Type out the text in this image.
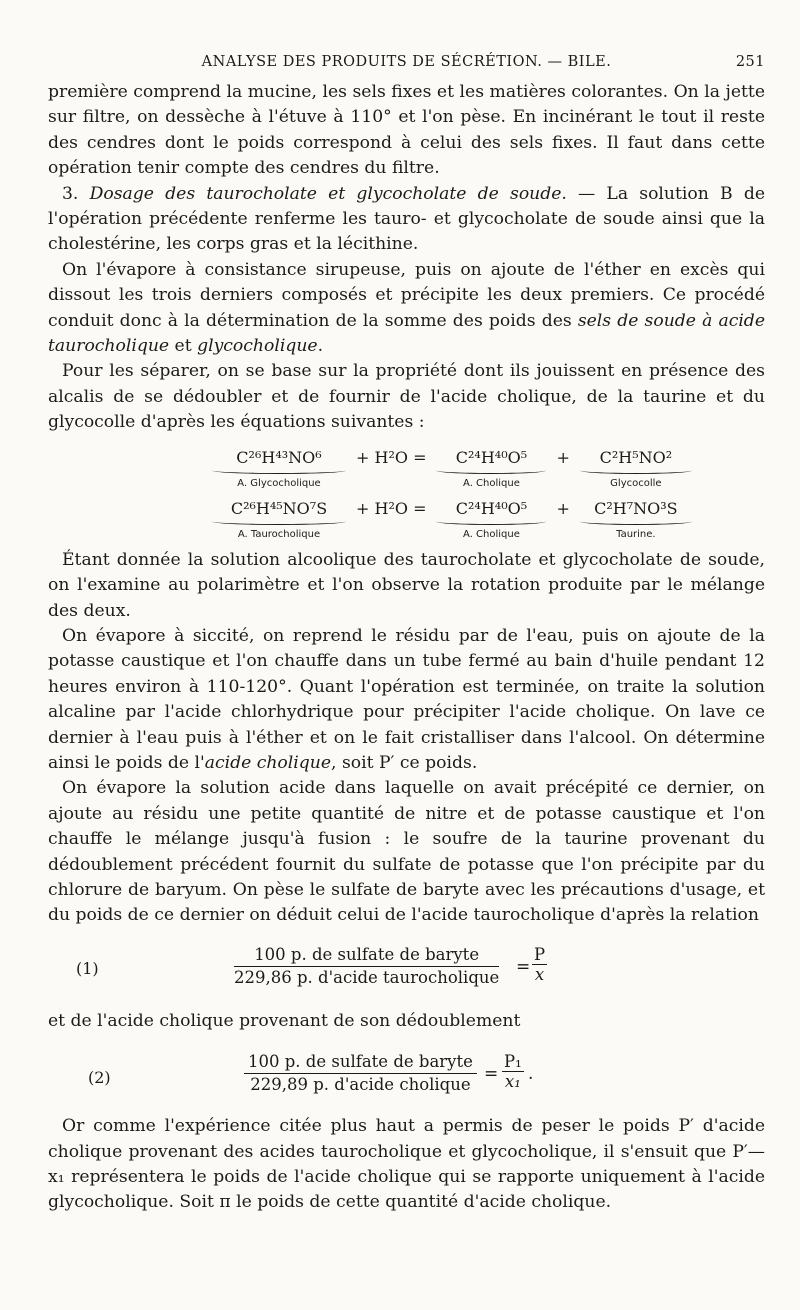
ANALYSE DES PRODUITS DE SÉCRÉTION. — BILE.	251

première comprend la mucine, les sels fixes et les matières colorantes. On la jette sur filtre, on dessèche à l'étuve à 110° et l'on pèse. En incinérant le tout il reste des cendres dont le poids correspond à celui des sels fixes. Il faut dans cette opération tenir compte des cendres du filtre.

3. Dosage des taurocholate et glycocholate de soude. — La solution B de l'opération précédente renferme les tauro- et glycocholate de soude ainsi que la cholestérine, les corps gras et la lécithine.

On l'évapore à consistance sirupeuse, puis on ajoute de l'éther en excès qui dissout les trois derniers composés et précipite les deux premiers. Ce procédé conduit donc à la détermination de la somme des poids des sels de soude à acide taurocholique et glycocholique.

Pour les séparer, on se base sur la propriété dont ils jouissent en présence des alcalis de se dédoubler et de fournir de l'acide cholique, de la taurine et du glycocolle d'après les équations suivantes :

C²⁶H⁴³NO⁶
A. Glycocholique
+ H²O =	C²⁴H⁴⁰O⁵
A. Cholique
+	C²H⁵NO²
Glycocolle
C²⁶H⁴⁵NO⁷S
A. Taurocholique
+ H²O =	C²⁴H⁴⁰O⁵
A. Cholique
+	C²H⁷NO³S
Taurine.

Étant donnée la solution alcoolique des taurocholate et glycocholate de soude, on l'examine au polarimètre et l'on observe la rotation produite par le mélange des deux.

On évapore à siccité, on reprend le résidu par de l'eau, puis on ajoute de la potasse caustique et l'on chauffe dans un tube fermé au bain d'huile pendant 12 heures environ à 110-120°. Quant l'opération est terminée, on traite la solution alcaline par l'acide chlorhydrique pour précipiter l'acide cholique. On lave ce dernier à l'eau puis à l'éther et on le fait cristalliser dans l'alcool. On détermine ainsi le poids de l'acide cholique, soit P′ ce poids.

On évapore la solution acide dans laquelle on avait précépité ce dernier, on ajoute au résidu une petite quantité de nitre et de potasse caustique et l'on chauffe le mélange jusqu'à fusion : le soufre de la taurine provenant du dédoublement précédent fournit du sulfate de potasse que l'on précipite par du chlorure de baryum. On pèse le sulfate de baryte avec les précautions d'usage, et du poids de ce dernier on déduit celui de l'acide taurocholique d'après la relation

(1)
100 p. de sulfate de baryte
229,86 p. d'acide taurocholique
= $\frac{P}{x}$

et de l'acide cholique provenant de son dédoublement

(2)
100 p. de sulfate de baryte
229,89 p. d'acide cholique
= $\frac{\text{P₁}}{\text{x₁}}$ .

Or comme l'expérience citée plus haut a permis de peser le poids P′ d'acide cholique provenant des acides taurocholique et glycocholique, il s'ensuit que P′—x₁ représentera le poids de l'acide cholique qui se rapporte uniquement à l'acide glycocholique. Soit π le poids de cette quantité d'acide cholique.
